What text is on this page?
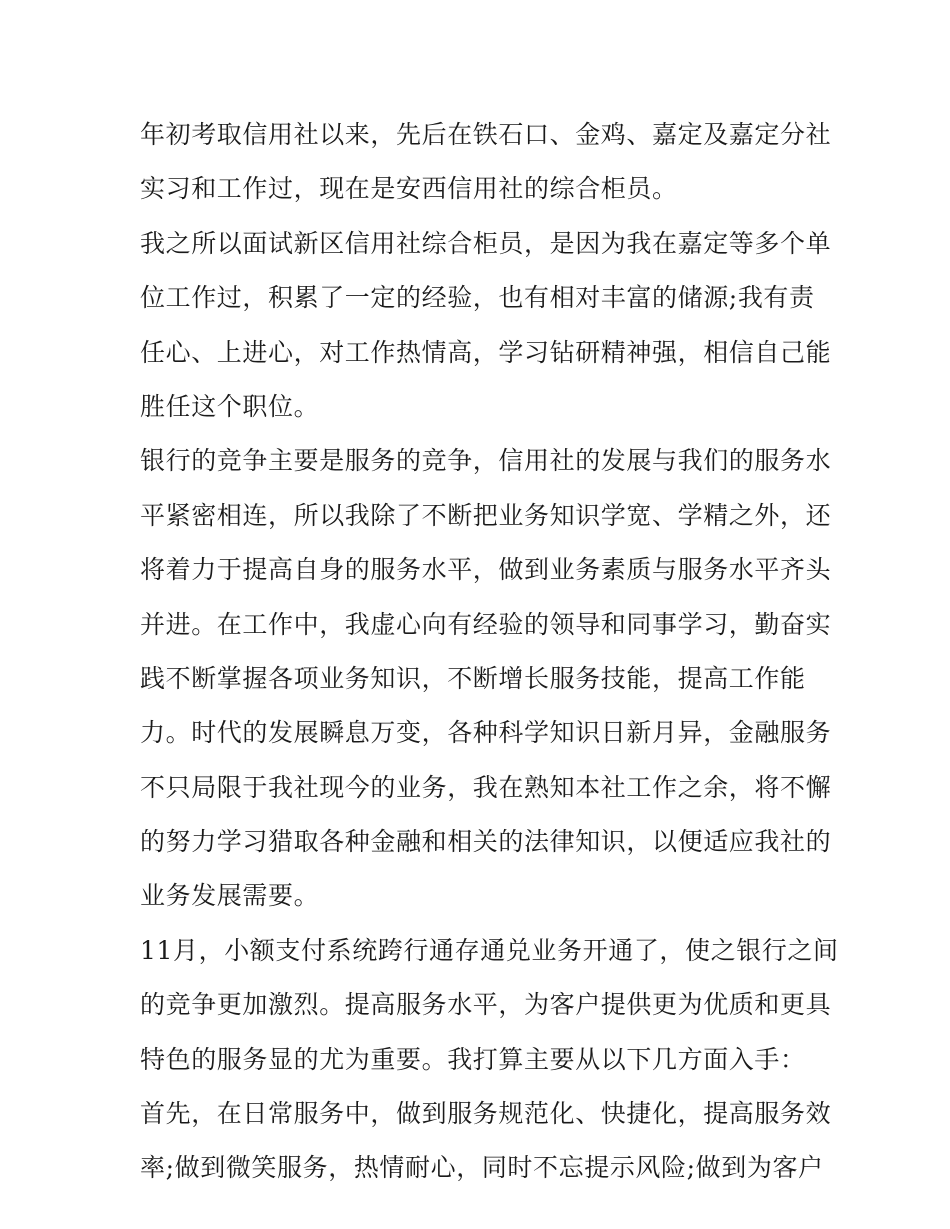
年初考取信用社以来，先后在铁石口、金鸡、嘉定及嘉定分社
实习和工作过，现在是安西信用社的综合柜员。
我之所以面试新区信用社综合柜员，是因为我在嘉定等多个单
位工作过，积累了一定的经验，也有相对丰富的储源;我有责
任心、上进心，对工作热情高，学习钻研精神强，相信自己能
胜任这个职位。
银行的竞争主要是服务的竞争，信用社的发展与我们的服务水
平紧密相连，所以我除了不断把业务知识学宽、学精之外，还
将着力于提高自身的服务水平，做到业务素质与服务水平齐头
并进。在工作中，我虚心向有经验的领导和同事学习，勤奋实
践不断掌握各项业务知识，不断增长服务技能，提高工作能
力。时代的发展瞬息万变，各种科学知识日新月异，金融服务
不只局限于我社现今的业务，我在熟知本社工作之余，将不懈
的努力学习猎取各种金融和相关的法律知识，以便适应我社的
业务发展需要。
11月，小额支付系统跨行通存通兑业务开通了，使之银行之间
的竞争更加激烈。提高服务水平，为客户提供更为优质和更具
特色的服务显的尤为重要。我打算主要从以下几方面入手：
首先，在日常服务中，做到服务规范化、快捷化，提高服务效
率;做到微笑服务，热情耐心，同时不忘提示风险;做到为客户
